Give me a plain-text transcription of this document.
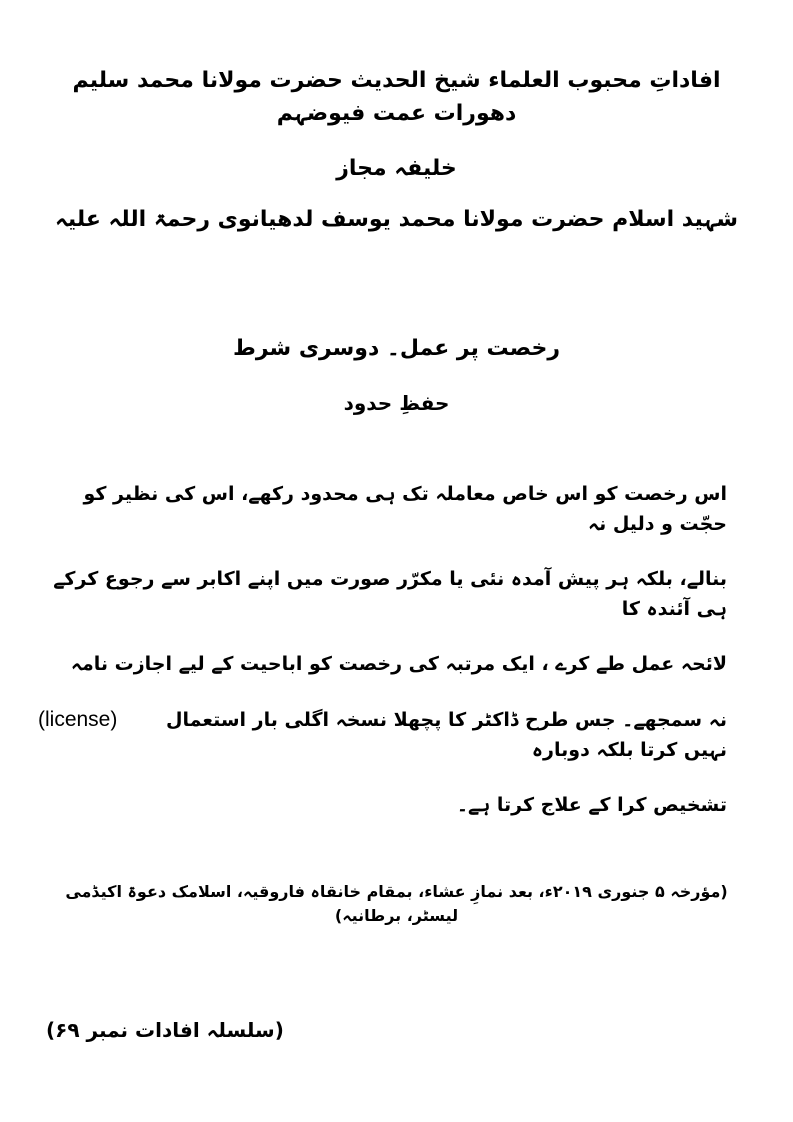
افاداتِ محبوب العلماء شیخ الحدیث حضرت مولانا محمد سلیم دھورات عمت فیوضہم
خلیفہ مجاز
شہید اسلام حضرت مولانا محمد یوسف لدھیانوی رحمۃ اللہ علیہ
رخصت پر عمل۔ دوسری شرط
حفظِ حدود
اس رخصت کو اس خاص معاملہ تک ہی محدود رکھے، اس کی نظیر کو حجّت و دلیل نہ
بنالے، بلکہ ہر پیش آمدہ نئی یا مکرّر صورت میں اپنے اکابر سے رجوع کرکے ہی آئندہ کا
لائحہ عمل طے کرے ، ایک مرتبہ کی رخصت کو اباحیت کے لیے اجازت نامہ
نہ سمجھے۔ جس طرح ڈاکٹر کا پچھلا نسخہ اگلی بار استعمال نہیں کرتا بلکہ دوبارہ
(license)
تشخیص کرا کے علاج کرتا ہے۔
(مؤرخہ ۵ جنوری ۲۰۱۹ء، بعد نمازِ عشاء، بمقام خانقاہ فاروقیہ، اسلامک دعوۃ اکیڈمی لیسٹر، برطانیہ)
(سلسلہ افادات نمبر ۶۹)
